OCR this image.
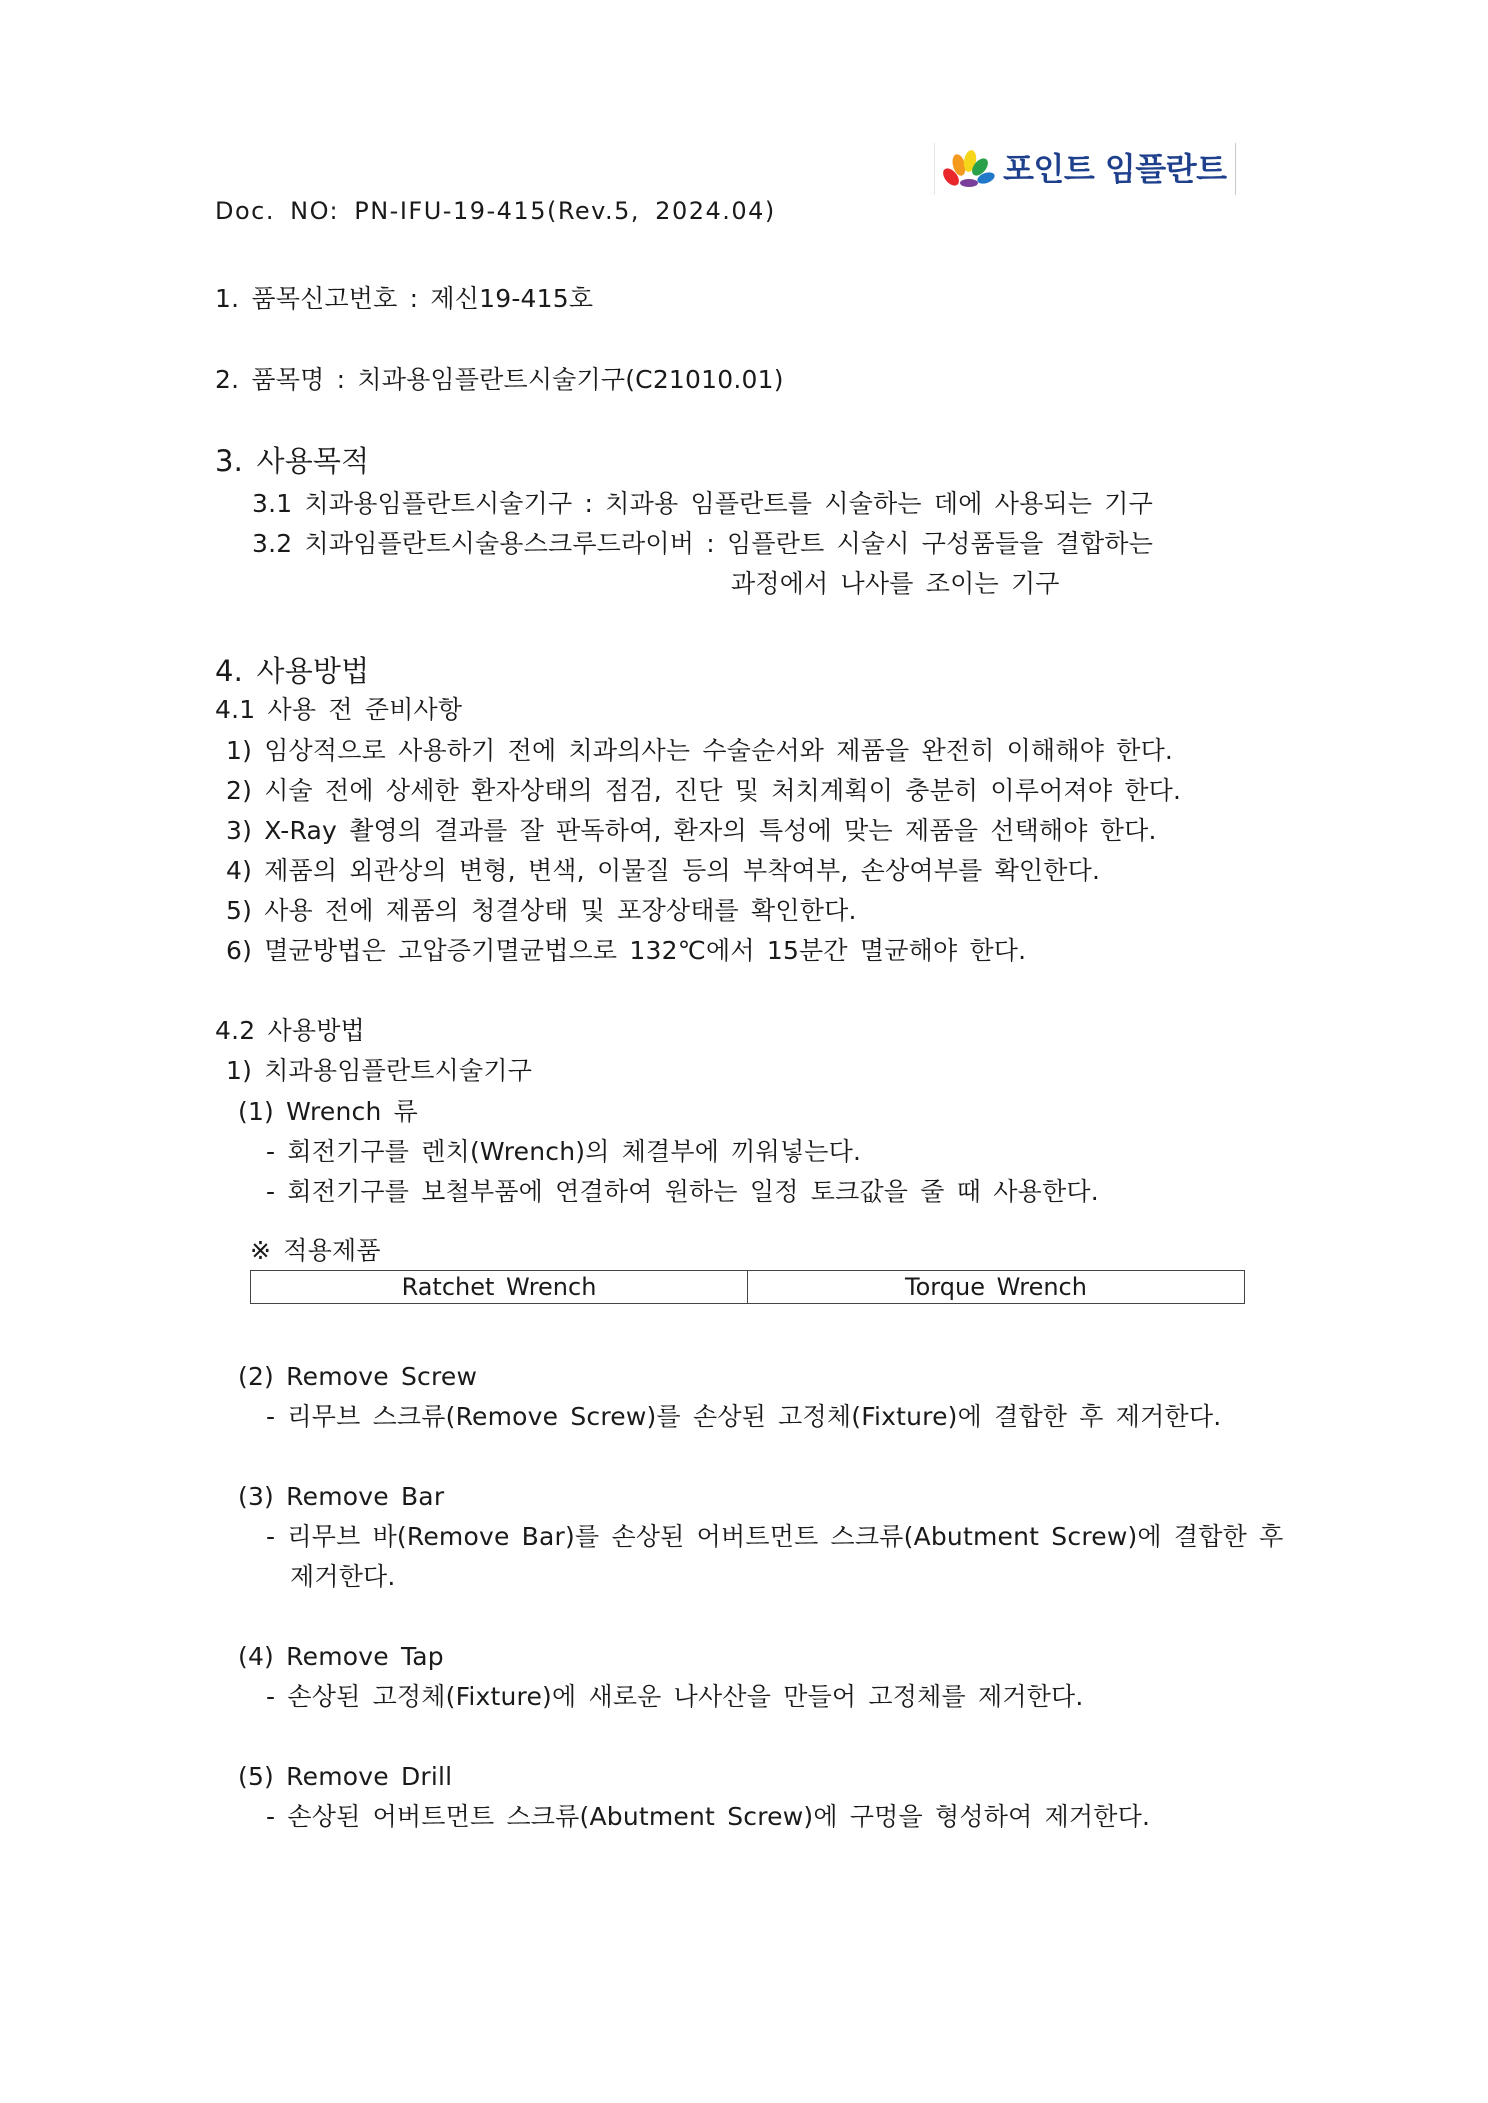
포인트 임플란트
Doc. NO: PN-IFU-19-415(Rev.5, 2024.04)
1. 품목신고번호 : 제신19-415호
2. 품목명 : 치과용임플란트시술기구(C21010.01)
3. 사용목적
3.1 치과용임플란트시술기구 : 치과용 임플란트를 시술하는 데에 사용되는 기구
3.2 치과임플란트시술용스크루드라이버 : 임플란트 시술시 구성품들을 결합하는
과정에서 나사를 조이는 기구
4. 사용방법
4.1 사용 전 준비사항
1) 임상적으로 사용하기 전에 치과의사는 수술순서와 제품을 완전히 이해해야 한다.
2) 시술 전에 상세한 환자상태의 점검, 진단 및 처치계획이 충분히 이루어져야 한다.
3) X-Ray 촬영의 결과를 잘 판독하여, 환자의 특성에 맞는 제품을 선택해야 한다.
4) 제품의 외관상의 변형, 변색, 이물질 등의 부착여부, 손상여부를 확인한다.
5) 사용 전에 제품의 청결상태 및 포장상태를 확인한다.
6) 멸균방법은 고압증기멸균법으로 132℃에서 15분간 멸균해야 한다.
4.2 사용방법
1) 치과용임플란트시술기구
(1) Wrench 류
- 회전기구를 렌치(Wrench)의 체결부에 끼워넣는다.
- 회전기구를 보철부품에 연결하여 원하는 일정 토크값을 줄 때 사용한다.
※ 적용제품
Ratchet Wrench	Torque Wrench
(2) Remove Screw
- 리무브 스크류(Remove Screw)를 손상된 고정체(Fixture)에 결합한 후 제거한다.
(3) Remove Bar
- 리무브 바(Remove Bar)를 손상된 어버트먼트 스크류(Abutment Screw)에 결합한 후
제거한다.
(4) Remove Tap
- 손상된 고정체(Fixture)에 새로운 나사산을 만들어 고정체를 제거한다.
(5) Remove Drill
- 손상된 어버트먼트 스크류(Abutment Screw)에 구멍을 형성하여 제거한다.
